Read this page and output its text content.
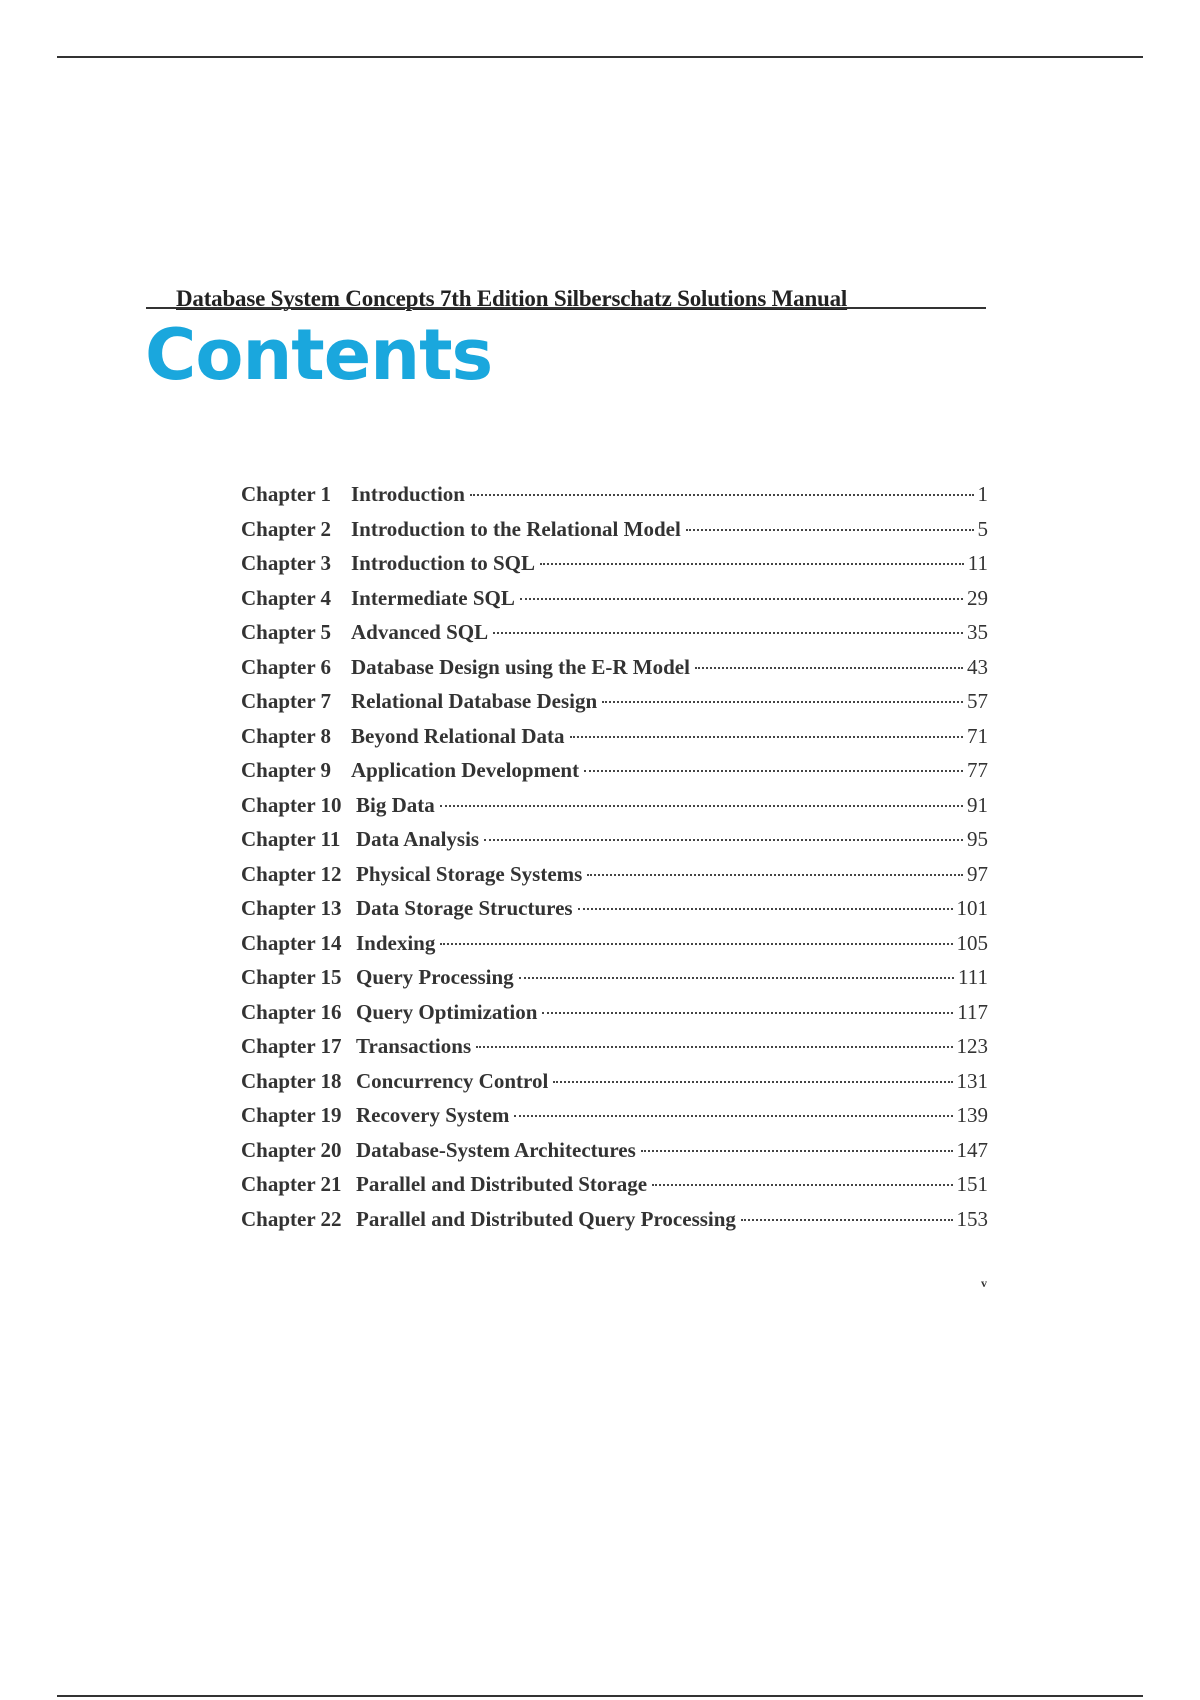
Database System Concepts 7th Edition Silberschatz Solutions Manual
Contents
Chapter 1 Introduction	1
Chapter 2 Introduction to the Relational Model	5
Chapter 3 Introduction to SQL	11
Chapter 4 Intermediate SQL	29
Chapter 5 Advanced SQL	35
Chapter 6 Database Design using the E-R Model	43
Chapter 7 Relational Database Design	57
Chapter 8 Beyond Relational Data	71
Chapter 9 Application Development	77
Chapter 10 Big Data	91
Chapter 11 Data Analysis	95
Chapter 12 Physical Storage Systems	97
Chapter 13 Data Storage Structures	101
Chapter 14 Indexing	105
Chapter 15 Query Processing	111
Chapter 16 Query Optimization	117
Chapter 17 Transactions	123
Chapter 18 Concurrency Control	131
Chapter 19 Recovery System	139
Chapter 20 Database-System Architectures	147
Chapter 21 Parallel and Distributed Storage	151
Chapter 22 Parallel and Distributed Query Processing	153
v
